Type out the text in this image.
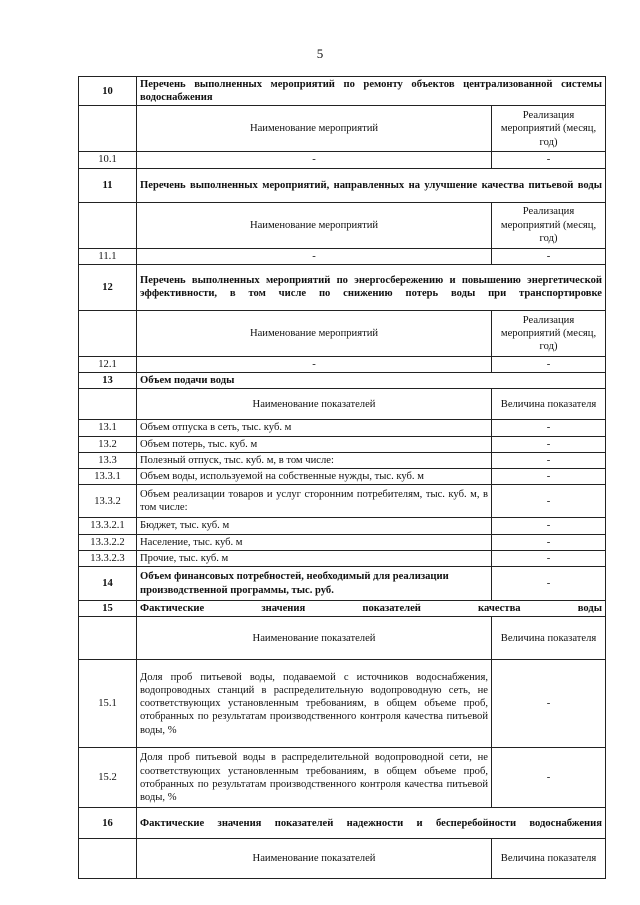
5
10	Перечень выполненных мероприятий по ремонту объектов централизованной системы водоснабжения	
	Наименование мероприятий	Реализация мероприятий (месяц, год)
10.1	-	-
11	Перечень выполненных мероприятий, направленных на улучшение качества питьевой воды	
	Наименование мероприятий	Реализация мероприятий (месяц, год)
11.1	-	-
12	Перечень выполненных мероприятий по энергосбережению и повышению энергетической эффективности, в том числе по снижению потерь воды при транспортировке	
	Наименование мероприятий	Реализация мероприятий (месяц, год)
12.1	-	-
13	Объем подачи воды	
	Наименование показателей	Величина показателя
13.1	Объем отпуска в сеть, тыс. куб. м	-
13.2	Объем потерь, тыс. куб. м	-
13.3	Полезный отпуск, тыс. куб. м, в том числе:	-
13.3.1	Объем воды, используемой на собственные нужды, тыс. куб. м	-
13.3.2	Объем реализации товаров и услуг сторонним потребителям, тыс. куб. м, в том числе:	-
13.3.2.1	Бюджет, тыс. куб. м	-
13.3.2.2	Население, тыс. куб. м	-
13.3.2.3	Прочие, тыс. куб. м	-
14	Объем финансовых потребностей, необходимый для реализации производственной программы, тыс. руб.	-
15	Фактические значения показателей качества воды	
	Наименование показателей	Величина показателя
15.1	Доля проб питьевой воды, подаваемой с источников водоснабжения, водопроводных станций в распределительную водопроводную сеть, не соответствующих установленным требованиям, в общем объеме проб, отобранных по результатам производственного контроля качества питьевой воды, %	-
15.2	Доля проб питьевой воды в распределительной водопроводной сети, не соответствующих установленным требованиям, в общем объеме проб, отобранных по результатам производственного контроля качества питьевой воды, %	-
16	Фактические значения показателей надежности и бесперебойности водоснабжения	
	Наименование показателей	Величина показателя
